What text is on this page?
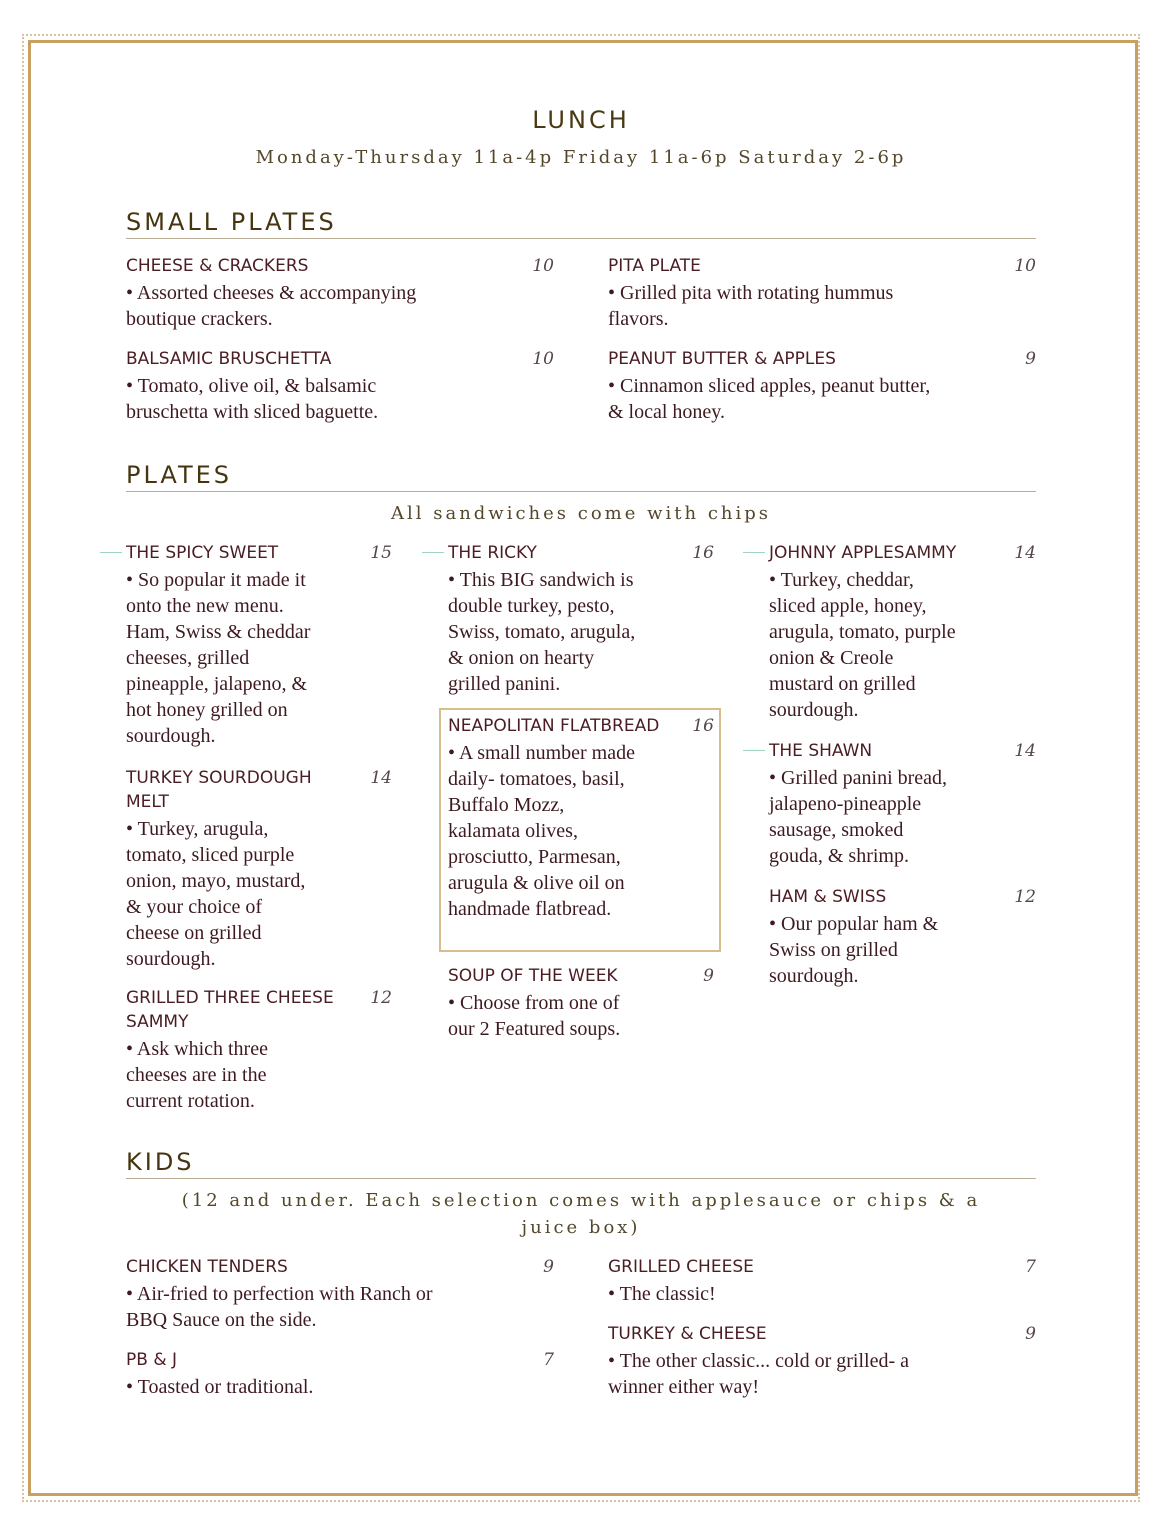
LUNCH
Monday-Thursday 11a-4p Friday 11a-6p Saturday 2-6p
SMALL PLATES
CHEESE & CRACKERS	10
• Assorted cheeses & accompanying boutique crackers.
PITA PLATE	10
• Grilled pita with rotating hummus flavors.
BALSAMIC BRUSCHETTA	10
• Tomato, olive oil, & balsamic bruschetta with sliced baguette.
PEANUT BUTTER & APPLES	9
• Cinnamon sliced apples, peanut butter, & local honey.
PLATES
All sandwiches come with chips
THE SPICY SWEET	15
• So popular it made it onto the new menu. Ham, Swiss & cheddar cheeses, grilled pineapple, jalapeno, & hot honey grilled on sourdough.
TURKEY SOURDOUGH MELT
14
• Turkey, arugula, tomato, sliced purple onion, mayo, mustard, & your choice of cheese on grilled sourdough.
GRILLED THREE CHEESE SAMMY
12
• Ask which three cheeses are in the current rotation.
THE RICKY	16
• This BIG sandwich is double turkey, pesto, Swiss, tomato, arugula, & onion on hearty grilled panini.
NEAPOLITAN FLATBREAD	16
• A small number made daily- tomatoes, basil, Buffalo Mozz, kalamata olives, prosciutto, Parmesan, arugula & olive oil on handmade flatbread.
SOUP OF THE WEEK	9
• Choose from one of our 2 Featured soups.
JOHNNY APPLESAMMY	14
• Turkey, cheddar, sliced apple, honey, arugula, tomato, purple onion & Creole mustard on grilled sourdough.
THE SHAWN	14
• Grilled panini bread, jalapeno-pineapple sausage, smoked gouda, & shrimp.
HAM & SWISS	12
• Our popular ham & Swiss on grilled sourdough.
KIDS
(12 and under. Each selection comes with applesauce or chips & a juice box)
CHICKEN TENDERS	9
• Air-fried to perfection with Ranch or BBQ Sauce on the side.
GRILLED CHEESE	7
• The classic!
PB & J	7
• Toasted or traditional.
TURKEY & CHEESE	9
• The other classic... cold or grilled- a winner either way!
